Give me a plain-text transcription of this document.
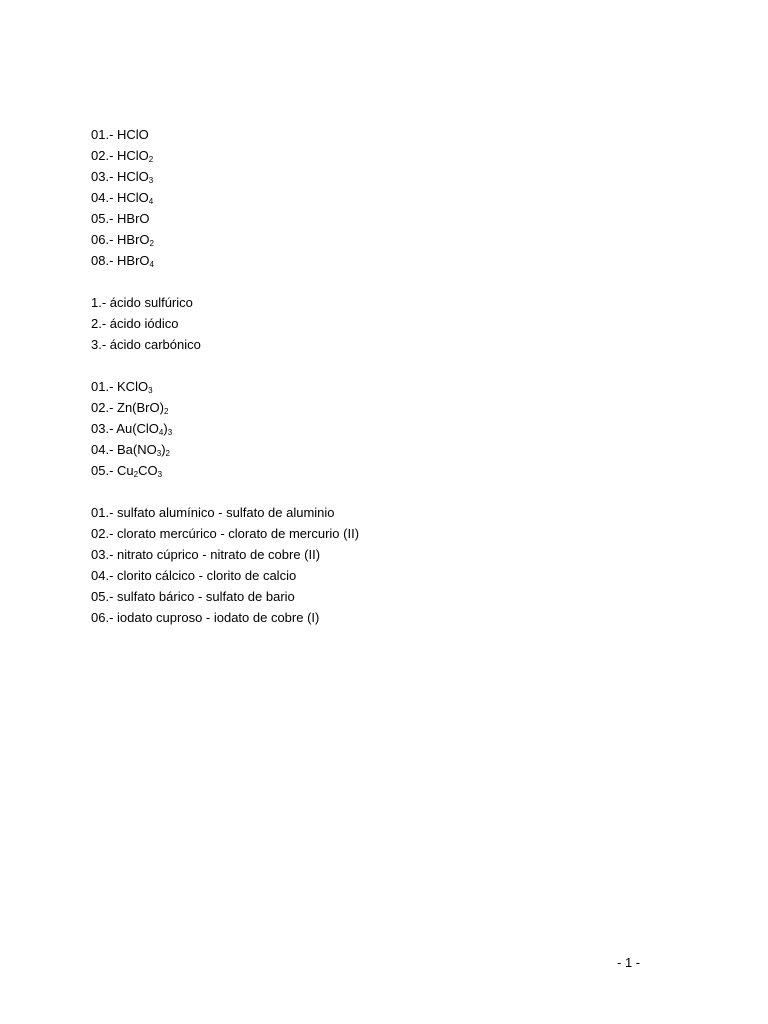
01.- HClO
02.- HClO$_2$
03.- HClO$_3$
04.- HClO$_4$
05.- HBrO
06.- HBrO$_2$
08.- HBrO$_4$
1.- ácido sulfúrico
2.- ácido iódico
3.- ácido carbónico
01.- KClO$_3$
02.- $Zn(BrO)_2$
03.- $Au(ClO_4)_3$
04.- $Ba(NO_3)_2$
05.- $Cu_2CO_3$
01.- sulfato alumínico - sulfato de aluminio
02.- clorato mercúrico - clorato de mercurio (II)
03.- nitrato cúprico - nitrato de cobre (II)
04.- clorito cálcico - clorito de calcio
05.- sulfato bárico - sulfato de bario
06.- iodato cuproso - iodato de cobre (I)
- 1 -
